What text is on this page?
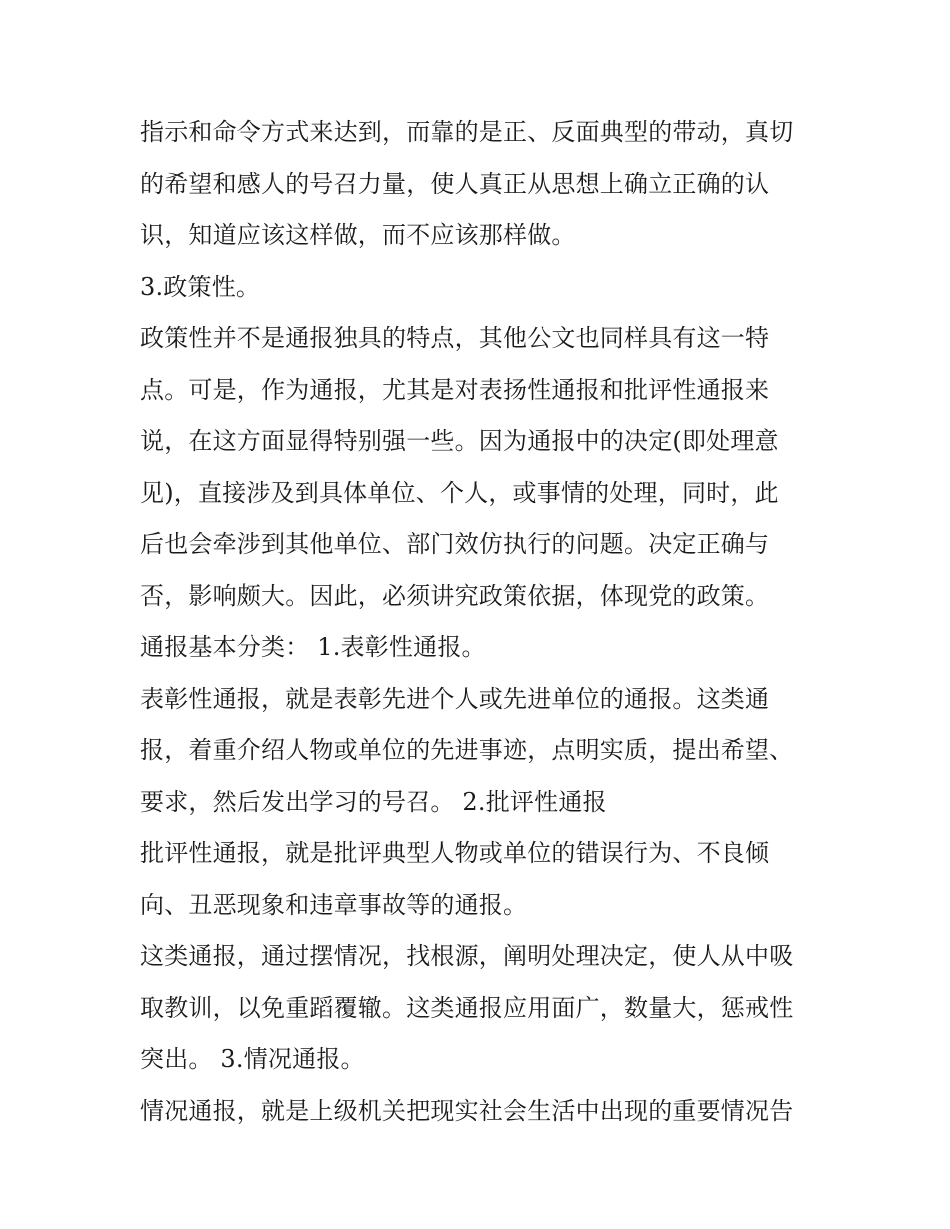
指示和命令方式来达到，而靠的是正、反面典型的带动，真切
的希望和感人的号召力量，使人真正从思想上确立正确的认
识，知道应该这样做，而不应该那样做。
3.政策性。
政策性并不是通报独具的特点，其他公文也同样具有这一特
点。可是，作为通报，尤其是对表扬性通报和批评性通报来
说，在这方面显得特别强一些。因为通报中的决定(即处理意
见)，直接涉及到具体单位、个人，或事情的处理，同时，此
后也会牵涉到其他单位、部门效仿执行的问题。决定正确与
否，影响颇大。因此，必须讲究政策依据，体现党的政策。
通报基本分类： 1.表彰性通报。
表彰性通报，就是表彰先进个人或先进单位的通报。这类通
报，着重介绍人物或单位的先进事迹，点明实质，提出希望、
要求，然后发出学习的号召。 2.批评性通报
批评性通报，就是批评典型人物或单位的错误行为、不良倾
向、丑恶现象和违章事故等的通报。
这类通报，通过摆情况，找根源，阐明处理决定，使人从中吸
取教训，以免重蹈覆辙。这类通报应用面广，数量大，惩戒性
突出。 3.情况通报。
情况通报，就是上级机关把现实社会生活中出现的重要情况告
